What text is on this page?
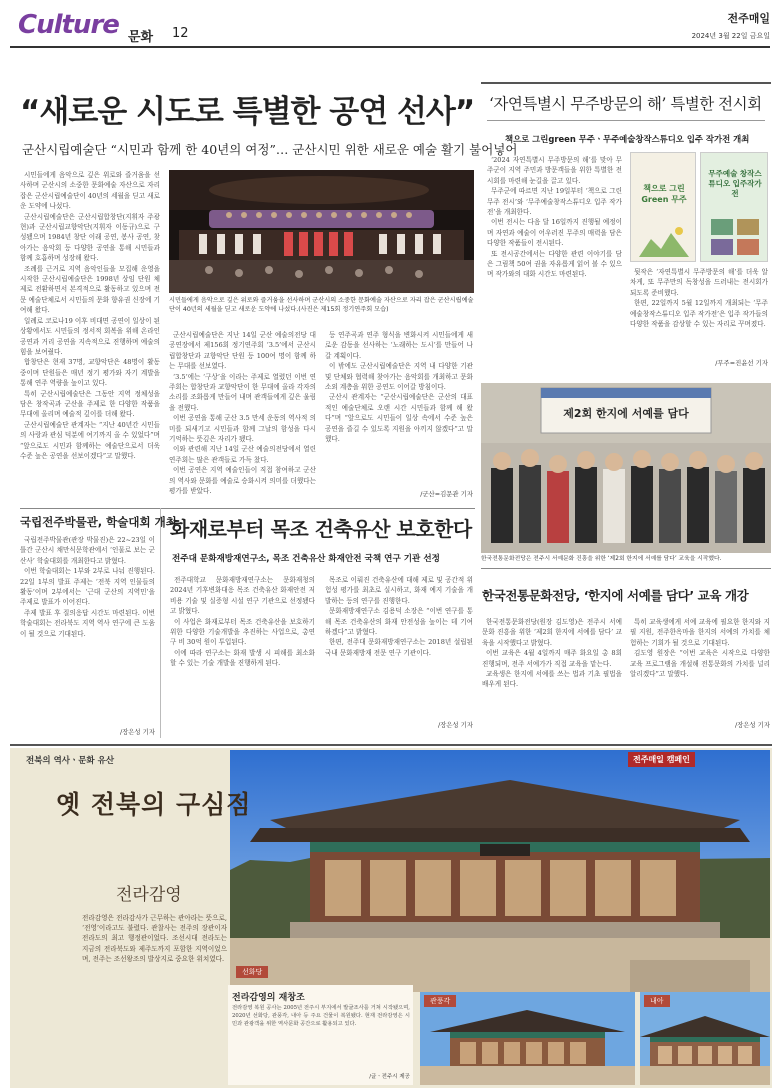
Culture 문화 12
전주매일
2024년 3월 22일 금요일
“새로운 시도로 특별한 공연 선사”
군산시립예술단 “시민과 함께 한 40년의 여정”… 군산시민 위한 새로운 예술 활기 불어넣어

시민들에게 음악으로 깊은 위로와 즐거움을 선사하며 군산시의 소중한 문화예술 자산으로 자리 잡은 군산시립예술단이 40년의 세월을 딛고 새로운 도약에 나섰다.

군산시립예술단은 군산시립합창단(지휘자 주광현)과 군산시립교향악단(지휘자 이동규)으로 구성됐으며 1984년 창단 이래 공연, 봉사 공연, 찾아가는 음악회 등 다양한 공연을 통해 시민들과 함께 호흡하며 성장해 왔다.

조례를 근거로 지역 음악인들을 모집해 운영을 시작한 군산시립예술단은 1998년 상임 단원 체제로 전환하면서 본격적으로 활동하고 있으며 전문 예술단체로서 시민들의 문화 향유권 신장에 기여해 왔다.

일례로 코로나19 이후 비대면 공연이 일상이 된 상황에서도 시민들의 정서적 회복을 위해 온라인 공연과 거리 공연을 지속적으로 진행하며 예술의 힘을 보여줬다.

합창단은 현재 37명, 교향악단은 48명이 활동 중이며 단원들은 매년 정기 평가와 자기 계발을 통해 연주 역량을 높이고 있다.

특히 군산시립예술단은 그동안 지역 정체성을 담은 창작곡과 군산을 주제로 한 다양한 작품을 무대에 올리며 예술적 깊이를 더해 왔다.

군산시립예술단 관계자는 “지난 40년간 시민들의 사랑과 관심 덕분에 여기까지 올 수 있었다”며 “앞으로도 시민과 함께하는 예술단으로서 더욱 수준 높은 공연을 선보이겠다”고 말했다.

시민들에게 음악으로 깊은 위로와 즐거움을 선사하며 군산시의 소중한 문화예술 자산으로 자리 잡은 군산시립예술단이 40년의 세월을 딛고 새로운 도약에 나섰다.(사진은 제15회 정기연주회 모습)

군산시립예술단은 지난 14일 군산 예술의전당 대공연장에서 제156회 정기연주회 ‘3.5’에서 군산시립합창단과 교향악단 단원 등 100여 명이 함께 하는 무대를 선보였다.

‘3.5’에는 ‘구상’을 이라는 주제로 열렸던 이번 연주회는 합창단과 교향악단이 한 무대에 올라 각자의 소리를 조화롭게 만들어 내며 관객들에게 깊은 울림을 전했다.

이번 공연을 통해 군산 3.5 만세 운동의 역사적 의미를 되새기고 시민들과 함께 그날의 함성을 다시 기억하는 뜻깊은 자리가 됐다.

이와 관련해 지난 14일 군산 예술의전당에서 열린 연주회는 많은 관객들로 가득 찼다.

이번 공연은 지역 예술인들이 직접 참여하고 군산의 역사와 문화를 예술로 승화시켜 의미를 더했다는 평가를 받았다.

등 연주곡과 연주 형식을 변화시켜 시민들에게 새로운 감동을 선사하는 ‘노래하는 도시’를 만들어 나갈 계획이다.

이 밖에도 군산시립예술단은 지역 내 다양한 기관 및 단체와 협력해 찾아가는 음악회를 개최하고 문화 소외 계층을 위한 공연도 이어갈 방침이다.

군산시 관계자는 “군산시립예술단은 군산의 대표적인 예술단체로 오랜 시간 시민들과 함께 해 왔다”며 “앞으로도 시민들이 일상 속에서 수준 높은 공연을 즐길 수 있도록 지원을 아끼지 않겠다”고 말했다.

/군산=김문관 기자
‘자연특별시 무주방문의 해’ 특별한 전시회
책으로 그린green 무주ㆍ무주예술창작스튜디오 입주 작가전 개최

‘2024 자연특별시 무주방문의 해’를 맞아 무주군이 지역 주민과 방문객들을 위한 특별한 전시회를 마련해 눈길을 끌고 있다.

무주군에 따르면 지난 19일부터 ‘책으로 그린 무주 전시’와 ‘무주예술창작스튜디오 입주 작가전’을 개최한다.

이번 전시는 다음 달 16일까지 진행될 예정이며 자연과 예술이 어우러진 무주의 매력을 담은 다양한 작품들이 전시된다.

또 전시공간에서는 다양한 관련 이야기를 담은 그림책 50여 권을 자유롭게 읽어 볼 수 있으며 작가와의 대화 시간도 마련된다.

책으로 그린 Green 무주
무주예술 창작스튜디오 입주작가전

뒷작은 ‘자연특별시 무주방문의 해’를 더욱 알차게, 또 무주만의 독창성을 드러내는 전시회가 되도록 준비했다.

한편, 22일까지 5월 12일까지 개최되는 ‘무주예술창작스튜디오 입주 작가전’은 입주 작가들의 다양한 작품을 감상할 수 있는 자리로 꾸며졌다.

/무주=진윤선 기자
제2회 한지에 서예를 담다
한국전통문화전당은 전주시 서예문화 진흥을 위한 ‘제2회 한지에 서예를 담다’ 교육을 시작했다.
국립전주박물관, 학술대회 개최

국립전주박물관(관장 박물진)은 22~23일 이틀간 군산시 채만식문학관에서 ‘인물로 보는 군산사’ 학술대회를 개최한다고 밝혔다.

이번 학술대회는 1부와 2부로 나눠 진행된다. 22일 1부의 발표 주제는 ‘전북 지역 인물들의 활동’이며 2부에서는 ‘근대 군산의 지역민’을 주제로 발표가 이어진다.

주제 발표 후 질의응답 시간도 마련된다. 이번 학술대회는 전라북도 지역 역사 연구에 큰 도움이 될 것으로 기대된다.

/장은성 기자
화재로부터 목조 건축유산 보호한다
전주대 문화재방재연구소, 목조 건축유산 화재안전 국책 연구 기관 선정

전주대학교 문화재방재연구소는 문화재청의 2024년 기후변화대응 목조 건축유산 화재안전 저비용 기술 및 실증형 시설 연구 기관으로 선정됐다고 밝혔다.

이 사업은 화재로부터 목조 건축유산을 보호하기 위한 다양한 기술개발을 추진하는 사업으로, 총연구 비 30억 원이 투입된다.

이에 따라 연구소는 화재 발생 시 피해를 최소화할 수 있는 기술 개발을 진행하게 된다.

목조로 이뤄진 건축유산에 대해 제로 및 공간적 위험성 평가를 최초로 실시하고, 화재 예지 기술을 개발하는 등의 연구를 진행한다.

문화재방재연구소 김용덕 소장은 “이번 연구를 통해 목조 건축유산의 화재 안전성을 높이는 데 기여하겠다”고 밝혔다.

한편, 전주대 문화재방재연구소는 2018년 설립된 국내 문화재방재 전문 연구 기관이다.

/장은성 기자
한국전통문화전당, ‘한지에 서예를 담다’ 교육 개강

한국전통문화전당(원장 김도영)은 전주시 서예문화 진흥을 위한 ‘제2회 한지에 서예를 담다’ 교육을 시작했다고 밝혔다.

이번 교육은 4월 4일까지 매주 화요일 총 8회 진행되며, 전주 서예가가 직접 교육을 맡는다.

교육생은 한지에 서예를 쓰는 법과 기초 필법을 배우게 된다.

특히 교육생에게 서예 교육에 필요한 한지와 지필 지원, 전주한옥마을 한지의 서예의 가치를 체험하는 기회가 될 것으로 기대된다.

김도영 원장은 “이번 교육은 시작으로 다양한 교육 프로그램을 개설해 전통문화의 가치를 널리 알리겠다”고 말했다.

/장은성 기자
전북의 역사ㆍ문화 유산	전주매일 캠페인
옛 전북의 구심점
전라감영
전라감영은 전라감사가 근무하는 관아라는 뜻으로, ‘전영’이라고도 불렸다. 관찰사는 전주의 장관이자 전라도의 최고 행정관이었다. 조선시대 전라도는 지금의 전라북도와 제주도까지 포함한 지역이었으며, 전주는 조선왕조의 발상지로 중요한 위치였다.
선화당
전라감영의 재창조
전라감영 복원 공사는 2005년 전주시 부지에서 발굴조사를 거쳐 시작됐으며, 2020년 선화당, 관풍각, 내아 등 주요 건물이 복원됐다. 현재 전라감영은 시민과 관광객을 위한 역사문화 공간으로 활용되고 있다.
/글ㆍ전주시 제공
관풍각	내아
